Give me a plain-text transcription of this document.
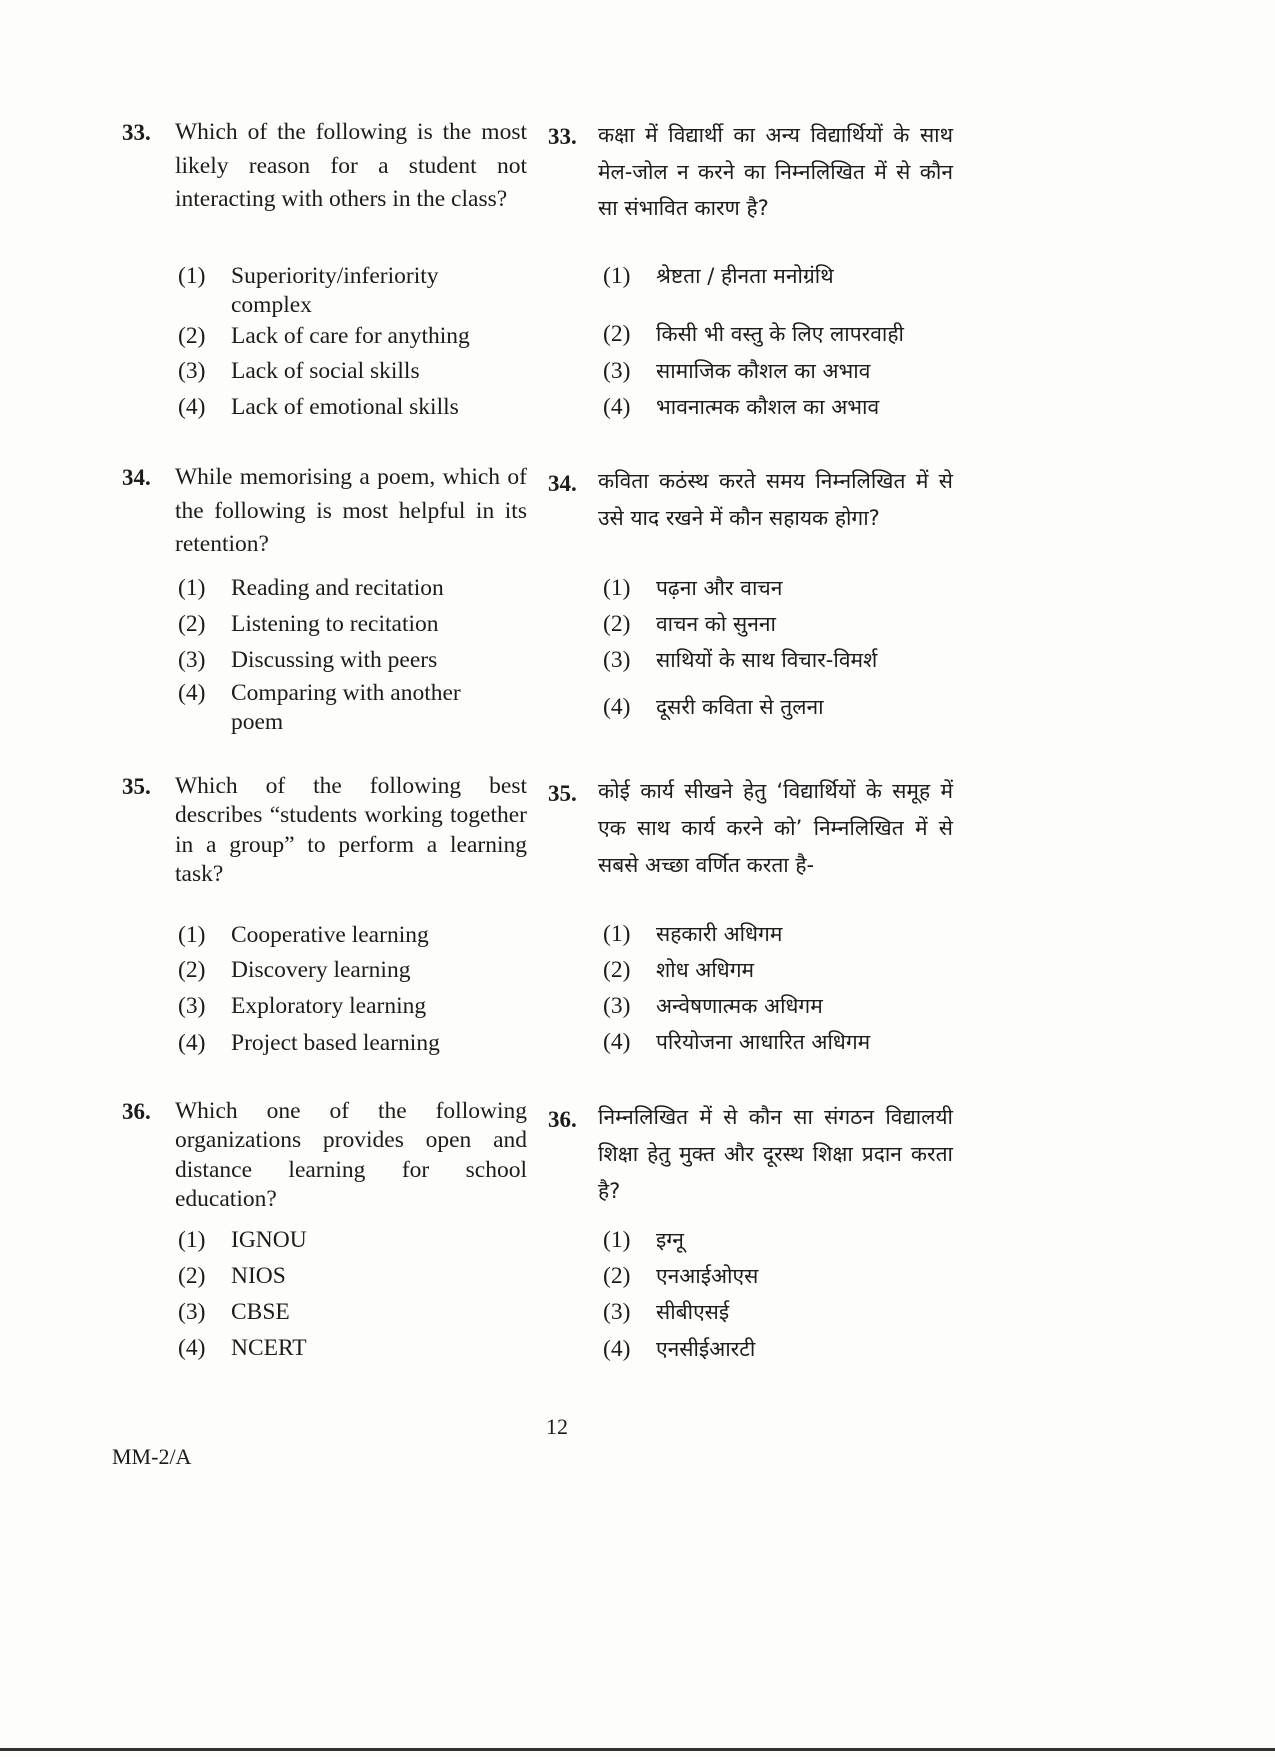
33. Which of the following is the most likely reason for a student not interacting with others in the class?
(1) Superiority/inferiority complex
(2) Lack of care for anything
(3) Lack of social skills
(4) Lack of emotional skills
33. कक्षा में विद्यार्थी का अन्य विद्यार्थियों के साथ मेल-जोल न करने का निम्नलिखित में से कौन सा संभावित कारण है?
(1) श्रेष्टता / हीनता मनोग्रंथि
(2) किसी भी वस्तु के लिए लापरवाही
(3) सामाजिक कौशल का अभाव
(4) भावनात्मक कौशल का अभाव
34. While memorising a poem, which of the following is most helpful in its retention?
(1) Reading and recitation
(2) Listening to recitation
(3) Discussing with peers
(4) Comparing with another poem
34. कविता कठंस्थ करते समय निम्नलिखित में से उसे याद रखने में कौन सहायक होगा?
(1) पढ़ना और वाचन
(2) वाचन को सुनना
(3) साथियों के साथ विचार-विमर्श
(4) दूसरी कविता से तुलना
35. Which of the following best describes “students working together in a group” to perform a learning task?
(1) Cooperative learning
(2) Discovery learning
(3) Exploratory learning
(4) Project based learning
35. कोई कार्य सीखने हेतु ‘विद्यार्थियों के समूह में एक साथ कार्य करने को’ निम्नलिखित में से सबसे अच्छा वर्णित करता है-
(1) सहकारी अधिगम
(2) शोध अधिगम
(3) अन्वेषणात्मक अधिगम
(4) परियोजना आधारित अधिगम
36. Which one of the following organizations provides open and distance learning for school education?
(1) IGNOU
(2) NIOS
(3) CBSE
(4) NCERT
36. निम्नलिखित में से कौन सा संगठन विद्यालयी शिक्षा हेतु मुक्त और दूरस्थ शिक्षा प्रदान करता है?
(1) इग्नू
(2) एनआईओएस
(3) सीबीएसई
(4) एनसीईआरटी
12
MM-2/A
